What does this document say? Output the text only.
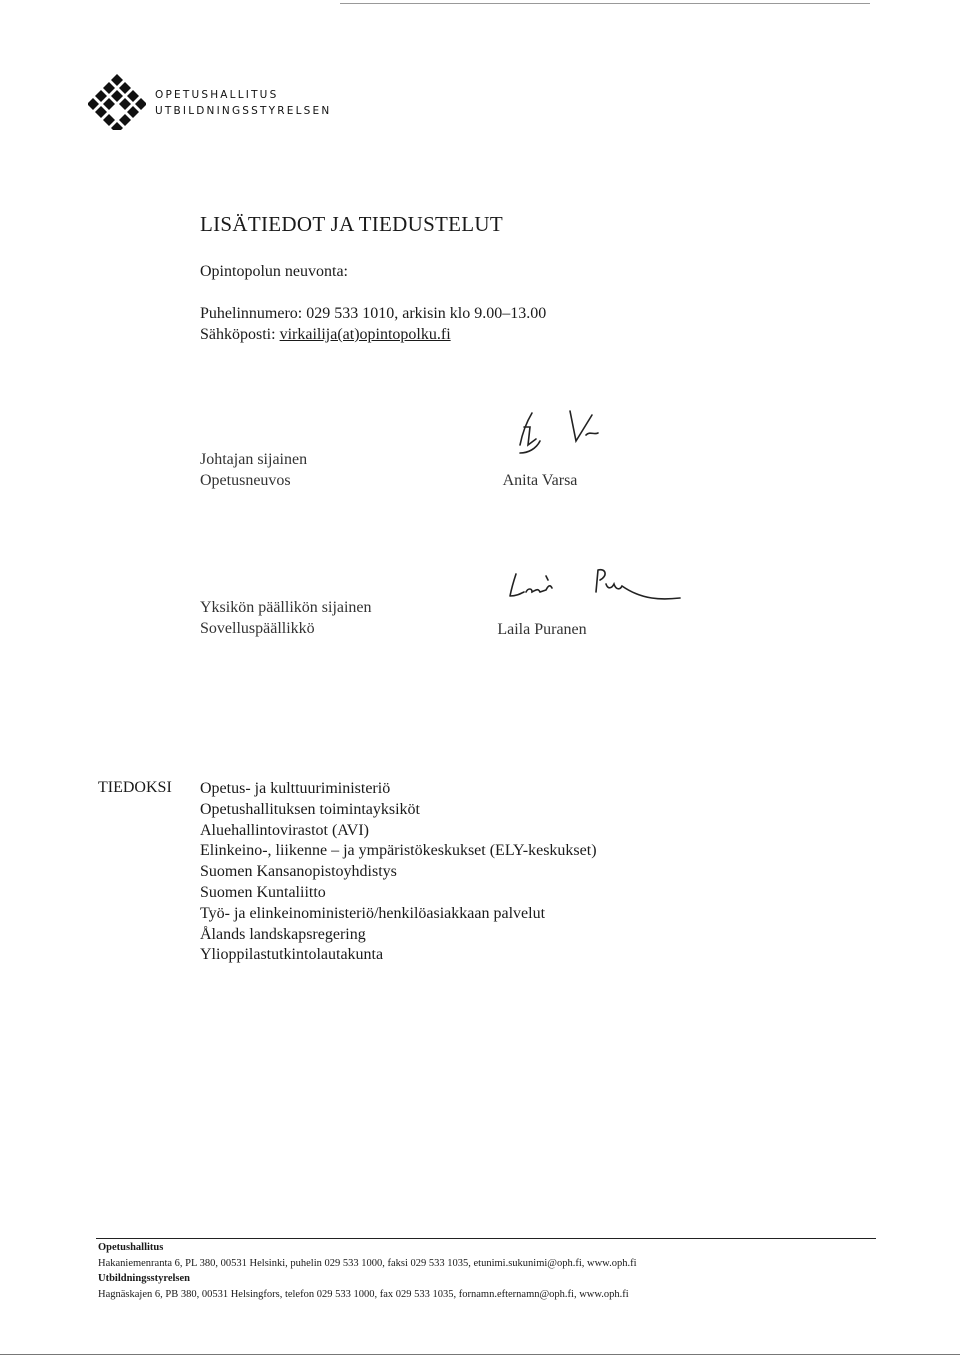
OPETUSHALLITUS
UTBILDNINGSSTYRELSEN
LISÄTIEDOT JA TIEDUSTELUT
Opintopolun neuvonta:
Puhelinnumero: 029 533 1010, arkisin klo 9.00–13.00
Sähköposti: virkailija(at)opintopolku.fi
Johtajan sijainen
Opetusneuvos	Anita Varsa
Yksikön päällikön sijainen
Sovelluspäällikkö	Laila Puranen
TIEDOKSI Opetus- ja kulttuuriministeriö
Opetushallituksen toimintayksiköt
Aluehallintovirastot (AVI)
Elinkeino-, liikenne – ja ympäristökeskukset (ELY-keskukset)
Suomen Kansanopistoyhdistys
Suomen Kuntaliitto
Työ- ja elinkeinoministeriö/henkilöasiakkaan palvelut
Ålands landskapsregering
Ylioppilastutkintolautakunta
Opetushallitus
Hakaniemenranta 6, PL 380, 00531 Helsinki, puhelin 029 533 1000, faksi 029 533 1035, etunimi.sukunimi@oph.fi, www.oph.fi
Utbildningsstyrelsen
Hagnäskajen 6, PB 380, 00531 Helsingfors, telefon 029 533 1000, fax 029 533 1035, fornamn.efternamn@oph.fi, www.oph.fi
